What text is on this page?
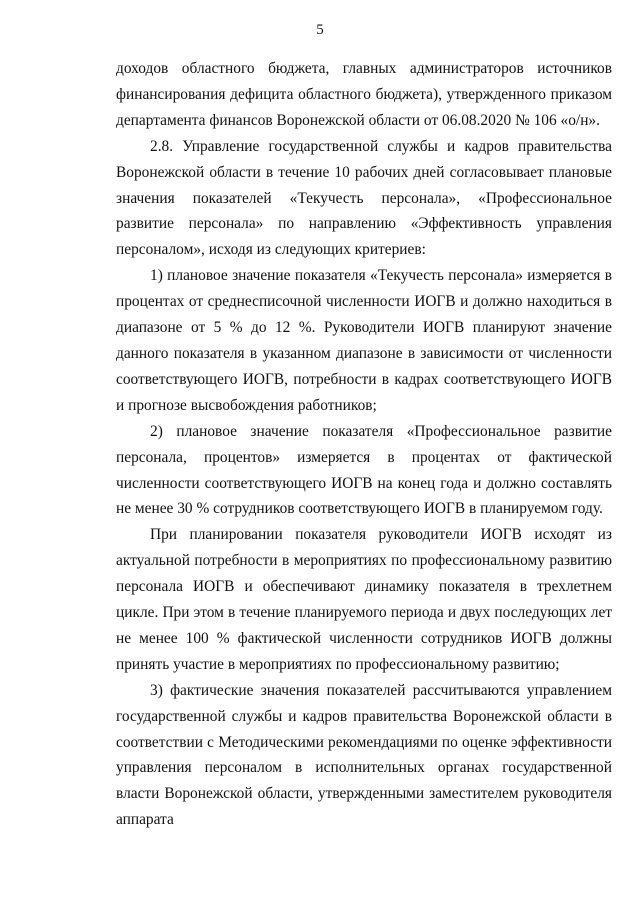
5

доходов областного бюджета, главных администраторов источников финансирования дефицита областного бюджета), утвержденного приказом департамента финансов Воронежской области от 06.08.2020 № 106 «о/н».

2.8. Управление государственной службы и кадров правительства Воронежской области в течение 10 рабочих дней согласовывает плановые значения показателей «Текучесть персонала», «Профессиональное развитие персонала» по направлению «Эффективность управления персоналом», исходя из следующих критериев:

1) плановое значение показателя «Текучесть персонала» измеряется в процентах от среднесписочной численности ИОГВ и должно находиться в диапазоне от 5 % до 12 %. Руководители ИОГВ планируют значение данного показателя в указанном диапазоне в зависимости от численности соответствующего ИОГВ, потребности в кадрах соответствующего ИОГВ и прогнозе высвобождения работников;

2) плановое значение показателя «Профессиональное развитие персонала, процентов» измеряется в процентах от фактической численности соответствующего ИОГВ на конец года и должно составлять не менее 30 % сотрудников соответствующего ИОГВ в планируемом году.

При планировании показателя руководители ИОГВ исходят из актуальной потребности в мероприятиях по профессиональному развитию персонала ИОГВ и обеспечивают динамику показателя в трехлетнем цикле. При этом в течение планируемого периода и двух последующих лет не менее 100 % фактической численности сотрудников ИОГВ должны принять участие в мероприятиях по профессиональному развитию;

3) фактические значения показателей рассчитываются управлением государственной службы и кадров правительства Воронежской области в соответствии с Методическими рекомендациями по оценке эффективности управления персоналом в исполнительных органах государственной власти Воронежской области, утвержденными заместителем руководителя аппарата
